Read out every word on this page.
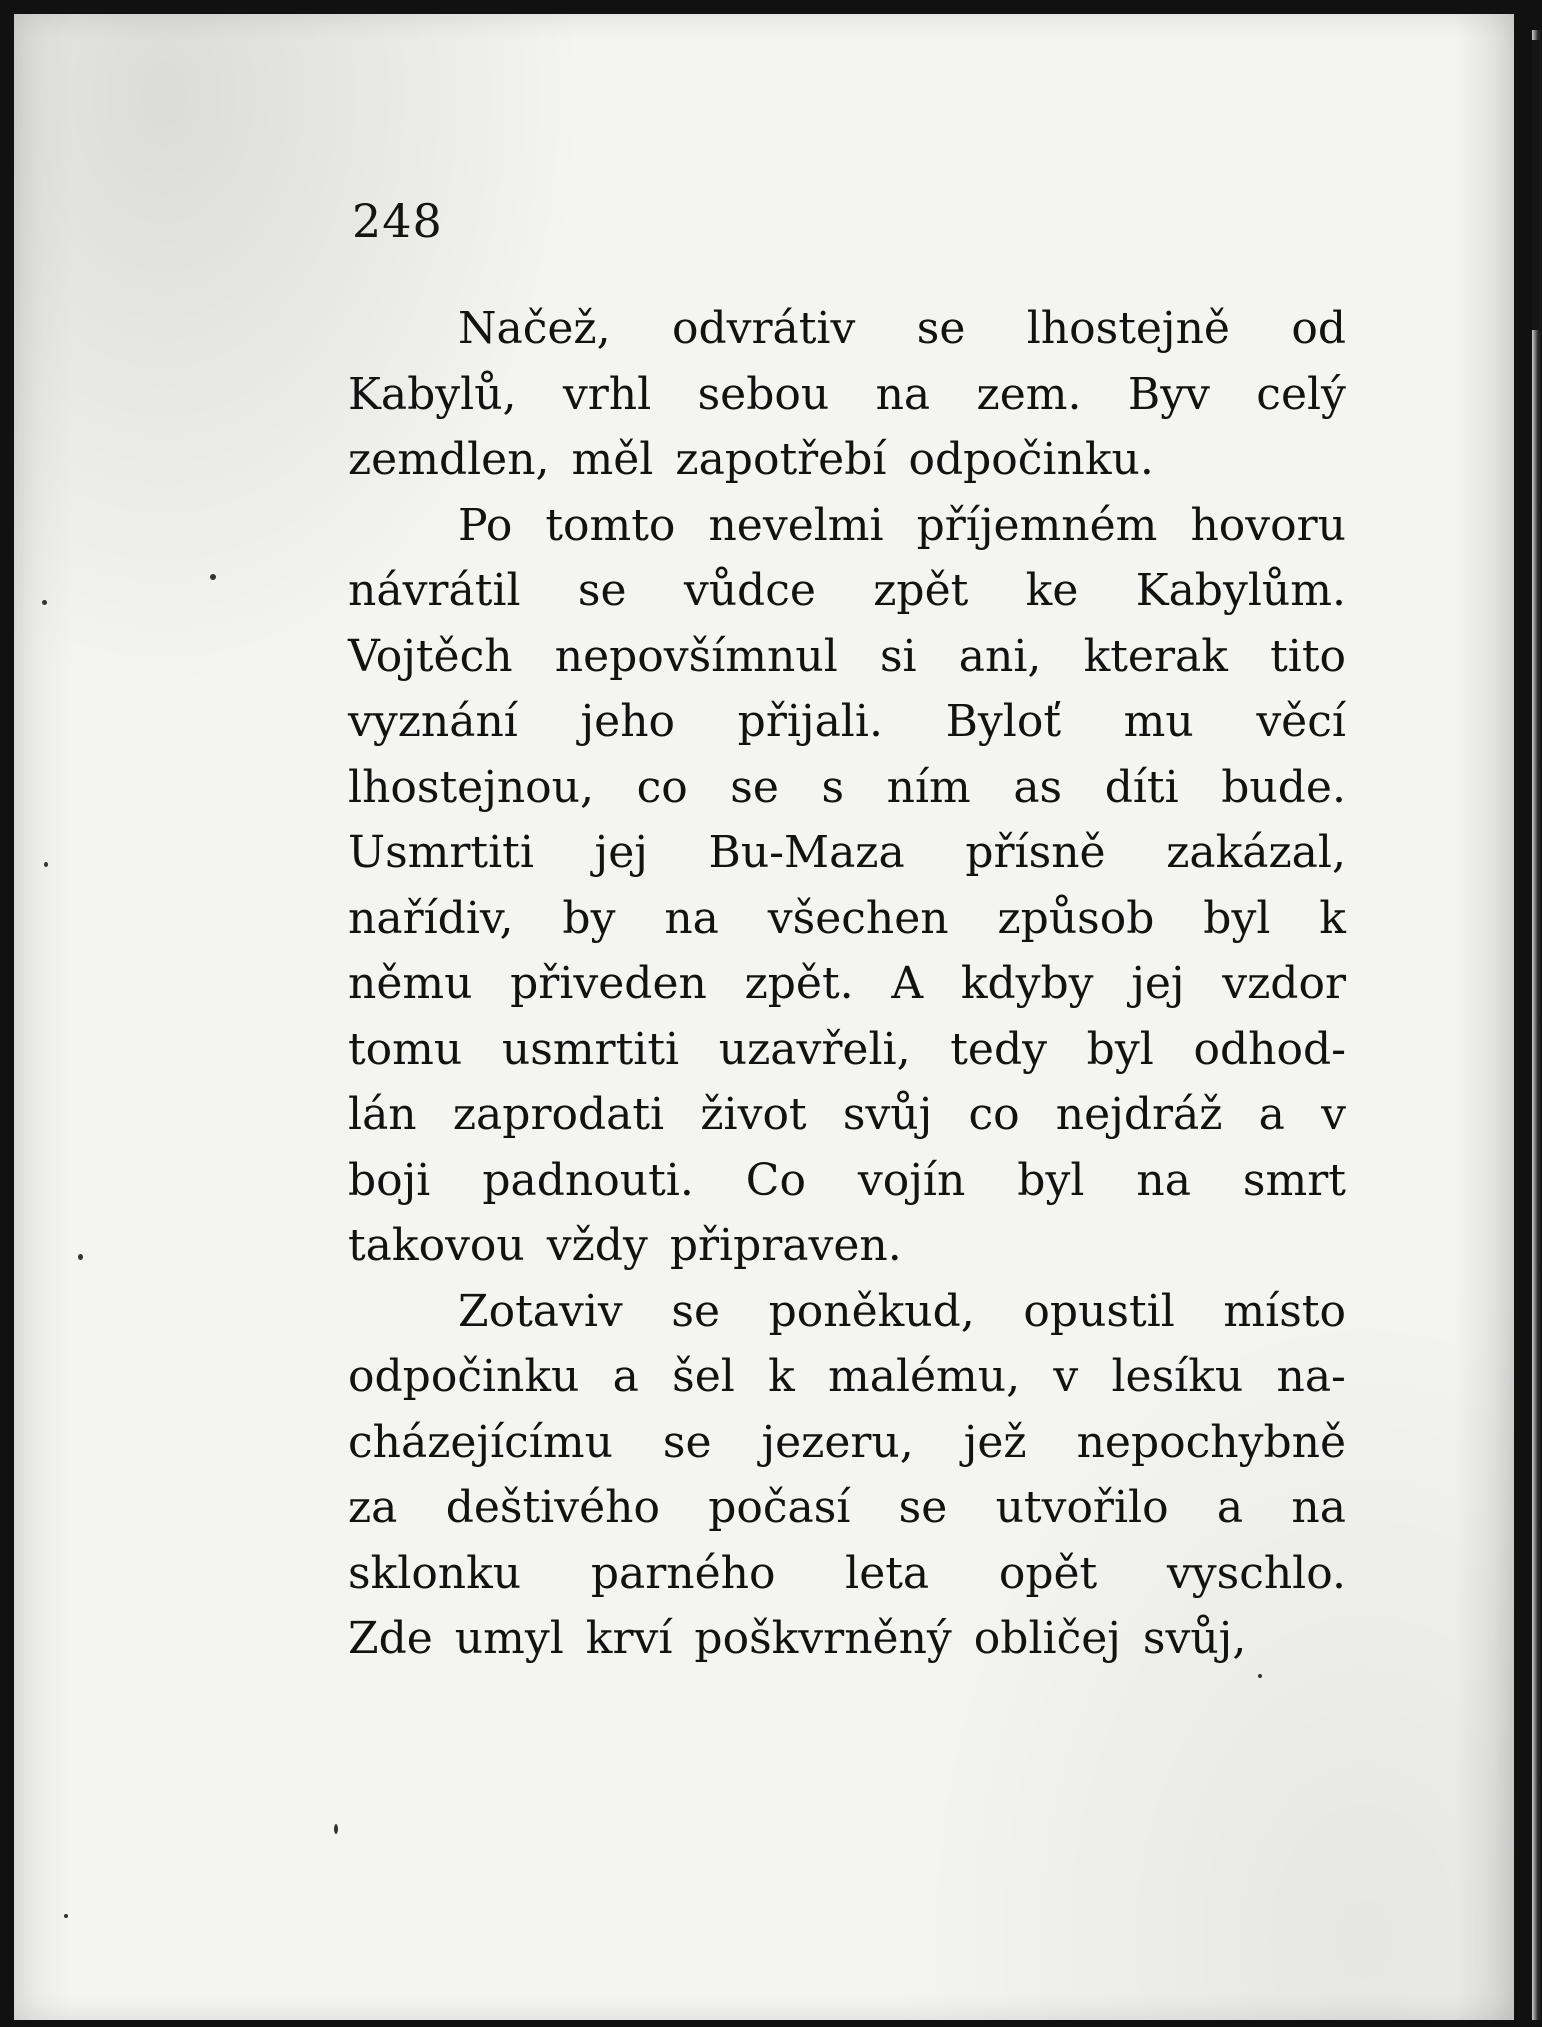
248
Načež, odvrátiv se lhostejně od
Kabylů, vrhl sebou na zem. Byv celý
zemdlen, měl zapotřebí odpočinku.
Po tomto nevelmi příjemném hovoru
návrátil se vůdce zpět ke Kabylům.
Vojtěch nepovšímnul si ani, kterak tito
vyznání jeho přijali. Byloť mu věcí
lhostejnou, co se s ním as díti bude.
Usmrtiti jej Bu-Maza přísně zakázal,
nařídiv, by na všechen způsob byl k
němu přiveden zpět. A kdyby jej vzdor
tomu usmrtiti uzavřeli, tedy byl odhod-
lán zaprodati život svůj co nejdráž a v
boji padnouti. Co vojín byl na smrt
takovou vždy připraven.
Zotaviv se poněkud, opustil místo
odpočinku a šel k malému, v lesíku na-
cházejícímu se jezeru, jež nepochybně
za deštivého počasí se utvořilo a na
sklonku parného leta opět vyschlo.
Zde umyl krví poškvrněný obličej svůj,
